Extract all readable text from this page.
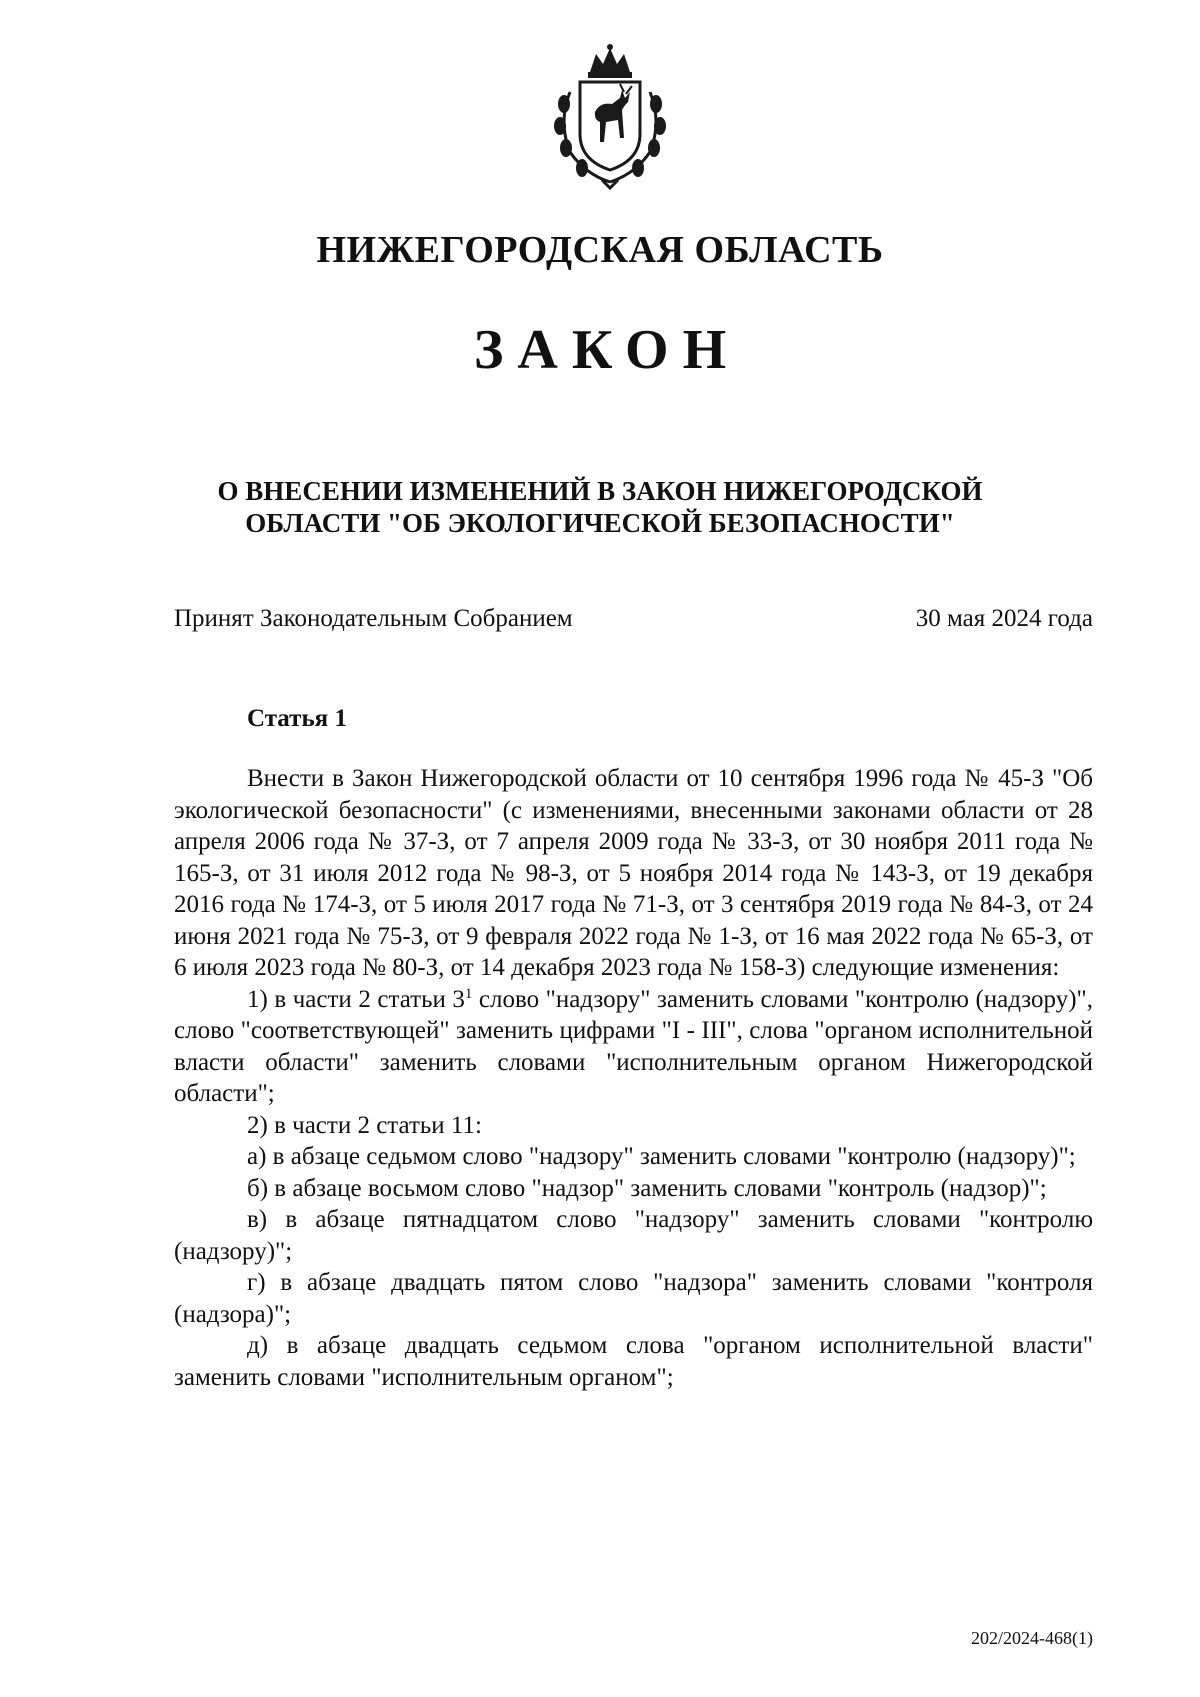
НИЖЕГОРОДСКАЯ ОБЛАСТЬ
ЗАКОН
О ВНЕСЕНИИ ИЗМЕНЕНИЙ В ЗАКОН НИЖЕГОРОДСКОЙ
ОБЛАСТИ "ОБ ЭКОЛОГИЧЕСКОЙ БЕЗОПАСНОСТИ"
Принят Законодательным Собранием	30 мая 2024 года
Статья 1

Внести в Закон Нижегородской области от 10 сентября 1996 года № 45-З "Об экологической безопасности" (с изменениями, внесенными законами области от 28 апреля 2006 года № 37-З, от 7 апреля 2009 года № 33-З, от 30 ноября 2011 года № 165-З, от 31 июля 2012 года № 98-З, от 5 ноября 2014 года № 143-З, от 19 декабря 2016 года № 174-З, от 5 июля 2017 года № 71-З, от 3 сентября 2019 года № 84-З, от 24 июня 2021 года № 75-З, от 9 февраля 2022 года № 1-З, от 16 мая 2022 года № 65-З, от 6 июля 2023 года № 80-З, от 14 декабря 2023 года № 158-З) следующие изменения:

1) в части 2 статьи $3^1$ слово "надзору" заменить словами "контролю (надзору)", слово "соответствующей" заменить цифрами "I - III", слова "органом исполнительной власти области" заменить словами "исполнительным органом Нижегородской области";

2) в части 2 статьи 11:

а) в абзаце седьмом слово "надзору" заменить словами "контролю (надзору)";

б) в абзаце восьмом слово "надзор" заменить словами "контроль (надзор)";

в) в абзаце пятнадцатом слово "надзору" заменить словами "контролю (надзору)";

г) в абзаце двадцать пятом слово "надзора" заменить словами "контроля (надзора)";

д) в абзаце двадцать седьмом слова "органом исполнительной власти" заменить словами "исполнительным органом";

202/2024-468(1)
